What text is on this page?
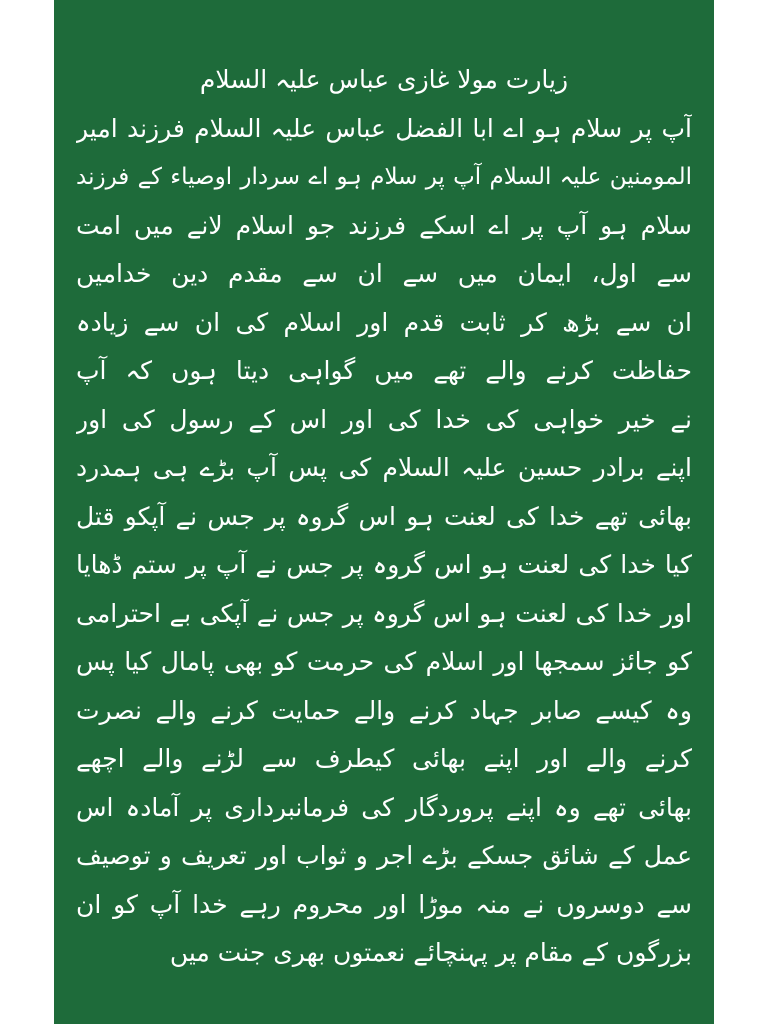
زیارت مولا غازی عباس علیہ السلام
آپ پر سلام ہو اے ابا الفضل عباس علیہ السلام فرزند امیر
المومنین علیہ السلام آپ پر سلام ہو اے سردار اوصیاء کے فرزند
سلام ہو آپ پر اے اسکے فرزند جو اسلام لانے میں امت
سے اول، ایمان میں سے ان سے مقدم دین خدامیں
ان سے بڑھ کر ثابت قدم اور اسلام کی ان سے زیادہ
حفاظت کرنے والے تھے میں گواہی دیتا ہوں کہ آپ
نے خیر خواہی کی خدا کی اور اس کے رسول کی اور
اپنے برادر حسین علیہ السلام کی پس آپ بڑے ہی ہمدرد
بھائی تھے خدا کی لعنت ہو اس گروہ پر جس نے آپکو قتل
کیا خدا کی لعنت ہو اس گروہ پر جس نے آپ پر ستم ڈھایا
اور خدا کی لعنت ہو اس گروہ پر جس نے آپکی بے احترامی
کو جائز سمجھا اور اسلام کی حرمت کو بھی پامال کیا پس
وہ کیسے صابر جہاد کرنے والے حمایت کرنے والے نصرت
کرنے والے اور اپنے بھائی کیطرف سے لڑنے والے اچھے
بھائی تھے وہ اپنے پروردگار کی فرمانبرداری پر آمادہ اس
عمل کے شائق جسکے بڑے اجر و ثواب اور تعریف و توصیف
سے دوسروں نے منہ موڑا اور محروم رہے خدا آپ کو ان
بزرگوں کے مقام پر پہنچائے نعمتوں بھری جنت میں
